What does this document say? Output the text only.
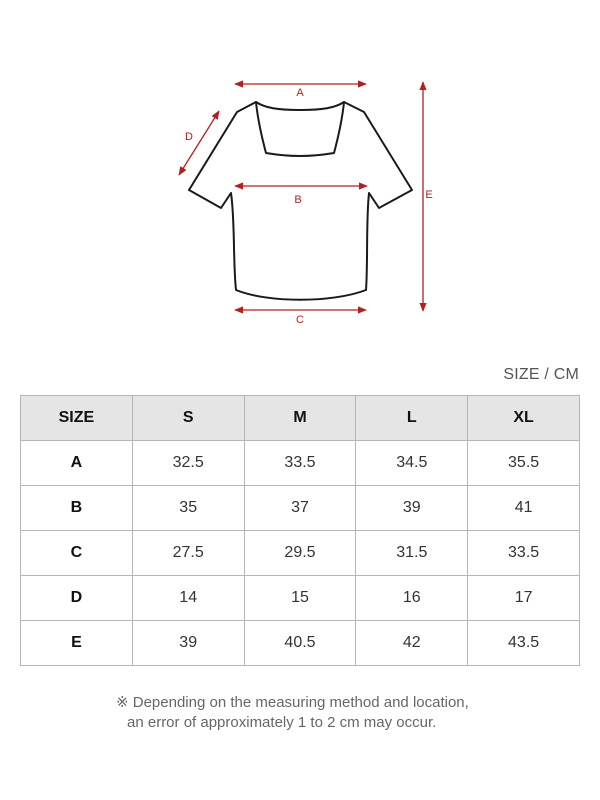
A
B
C
D
E
SIZE / CM
SIZE	S	M	L	XL
A	32.5	33.5	34.5	35.5
B	35	37	39	41
C	27.5	29.5	31.5	33.5
D	14	15	16	17
E	39	40.5	42	43.5
※ Depending on the measuring method and location,
an error of approximately 1 to 2 cm may occur.
